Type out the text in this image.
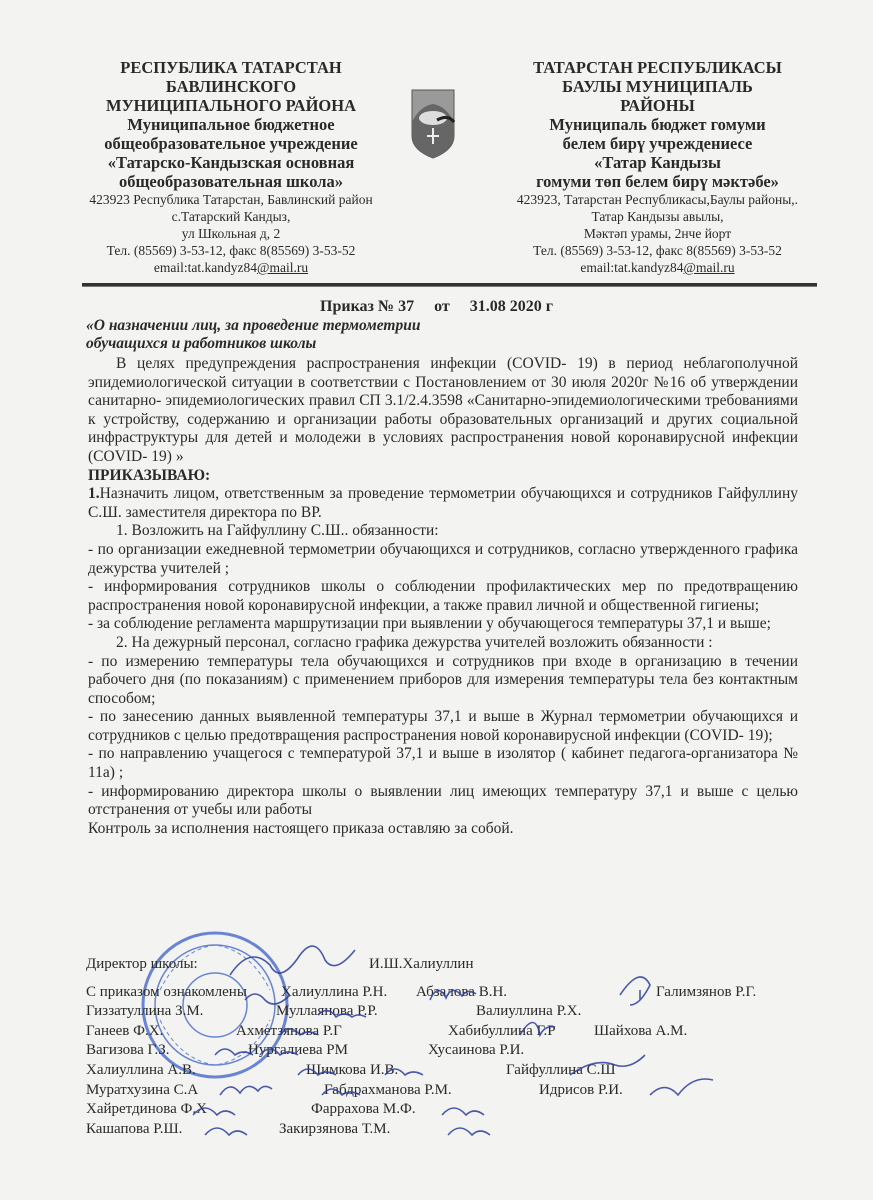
РЕСПУБЛИКА ТАТАРСТАН
БАВЛИНСКОГО
МУНИЦИПАЛЬНОГО РАЙОНА
Муниципальное бюджетное
общеобразовательное учреждение
«Татарско-Кандызская основная
общеобразовательная школа»
423923 Республика Татарстан, Бавлинский район
с.Татарский Кандыз,
ул Школьная д, 2
Тел. (85569) 3-53-12, факс 8(85569) 3-53-52
email:tat.kandyz84@mail.ru
ТАТАРСТАН РЕСПУБЛИКАСЫ
БАУЛЫ МУНИЦИПАЛЬ
РАЙОНЫ
Муниципаль бюджет гомуми
белем бирү учреждениесе
«Татар Кандызы
гомуми төп белем бирү мәктәбе»
423923, Татарстан Республикасы,Баулы районы,.
Татар Кандызы авылы,
Мәктәп урамы, 2нче йорт
Тел. (85569) 3-53-12, факс 8(85569) 3-53-52
email:tat.kandyz84@mail.ru
Приказ № 37 от 31.08 2020 г
«О назначении лиц, за проведение термометрии
обучащихся и работников школы

В целях предупреждения распространения инфекции (COVID- 19) в период неблагополучной эпидемиологической ситуации в соответствии с Постановлением от 30 июля 2020г №16 об утверждении санитарно- эпидемиологических правил СП 3.1/2.4.3598 «Санитарно-эпидемиологическими требованиями к устройству, содержанию и организации работы образовательных организаций и других социальной инфраструктуры для детей и молодежи в условиях распространения новой коронавирусной инфекции (COVID- 19) »

ПРИКАЗЫВАЮ:

1.Назначить лицом, ответственным за проведение термометрии обучающихся и сотрудников Гайфуллину С.Ш. заместителя директора по ВР.

1. Возложить на Гайфуллину С.Ш.. обязанности:

- по организации ежедневной термометрии обучающихся и сотрудников, согласно утвержденного графика дежурства учителей ;

- информирования сотрудников школы о соблюдении профилактических мер по предотвращению распространения новой коронавирусной инфекции, а также правил личной и общественной гигиены;

- за соблюдение регламента маршрутизации при выявлении у обучающегося температуры 37,1 и выше;

2. На дежурный персонал, согласно графика дежурства учителей возложить обязанности :

- по измерению температуры тела обучающихся и сотрудников при входе в организацию в течении рабочего дня (по показаниям) с применением приборов для измерения температуры тела без контактным способом;

- по занесению данных выявленной температуры 37,1 и выше в Журнал термометрии обучающихся и сотрудников с целью предотвращения распространения новой коронавирусной инфекции (COVID- 19);

- по направлению учащегося с температурой 37,1 и выше в изолятор ( кабинет педагога-организатора № 11а) ;

- информированию директора школы о выявлении лиц имеющих температуру 37,1 и выше с целью отстранения от учебы или работы

Контроль за исполнения настоящего приказа оставляю за собой.

Директор школы:	И.Ш.Халиуллин
С приказом ознакомлены Халиуллина Р.Н. Абзалова В.Н.	Галимзянов Р.Г.
Гиззатуллина З.М.	Муллаянова Р.Р.	Валиуллина Р.Х.
Ганеев Ф.Х.	Ахметзянова Р.Г	Хабибуллина Г.Р	Шайхова А.М.
Вагизова Г.З.	Нургалиева РМ	Хусаинова Р.И.
Халиуллина А.В.	Шимкова И.В.	Гайфуллина С.Ш
Муратхузина С.А	Габдрахманова Р.М.	Идрисов Р.И.
Хайретдинова Ф.Х	Фаррахова М.Ф.
Кашапова Р.Ш.	Закирзянова Т.М.
